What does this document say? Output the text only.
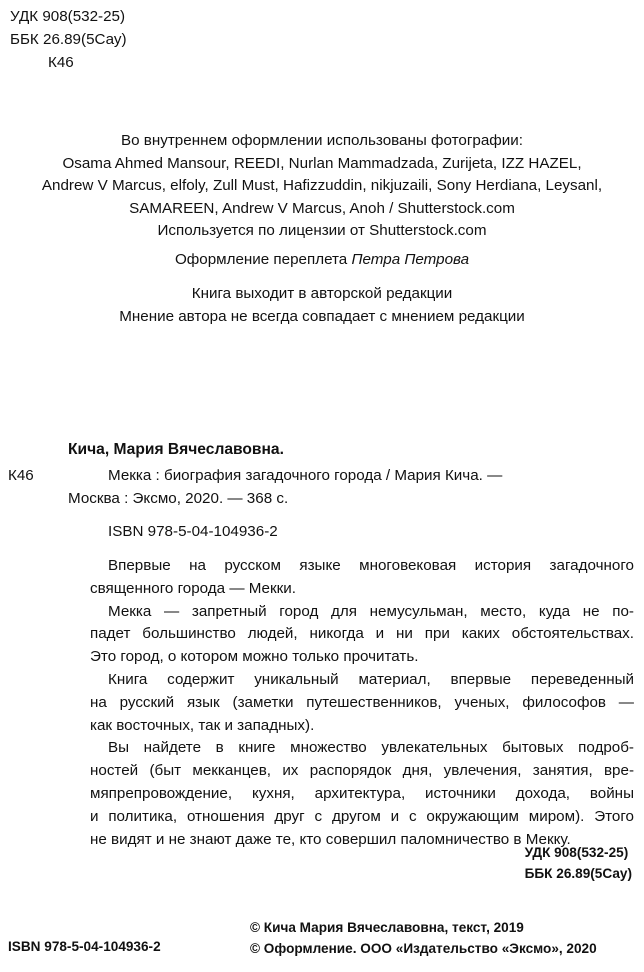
УДК 908(532-25)
ББК 26.89(5Сау)
К46
Во внутреннем оформлении использованы фотографии:
Osama Ahmed Mansour, REEDI, Nurlan Mammadzada, Zurijeta, IZZ HAZEL,
Andrew V Marcus, elfoly, Zull Must, Hafizzuddin, nikjuzaili, Sony Herdiana, Leysanl,
SAMAREEN, Andrew V Marcus, Anoh / Shutterstock.com
Используется по лицензии от Shutterstock.com
Оформление переплета Петра Петрова
Книга выходит в авторской редакции
Мнение автора не всегда совпадает с мнением редакции
Кича, Мария Вячеславовна.
К46	Мекка : биография загадочного города / Мария Кича. —
Москва : Эксмо, 2020. — 368 с.
ISBN 978-5-04-104936-2
Впервые на русском языке многовековая история загадочного
священного города — Мекки.
Мекка — запретный город для немусульман, место, куда не по-
падет большинство людей, никогда и ни при каких обстоятельствах.
Это город, о котором можно только прочитать.
Книга содержит уникальный материал, впервые переведенный
на русский язык (заметки путешественников, ученых, философов —
как восточных, так и западных).
Вы найдете в книге множество увлекательных бытовых подроб-
ностей (быт мекканцев, их распорядок дня, увлечения, занятия, вре-
мяпрепровождение, кухня, архитектура, источники дохода, войны
и политика, отношения друг с другом и с окружающим миром). Этого
не видят и не знают даже те, кто совершил паломничество в Мекку.
УДК 908(532-25)
ББК 26.89(5Сау)
ISBN 978-5-04-104936-2
© Кича Мария Вячеславовна, текст, 2019
© Оформление. ООО «Издательство «Эксмо», 2020
